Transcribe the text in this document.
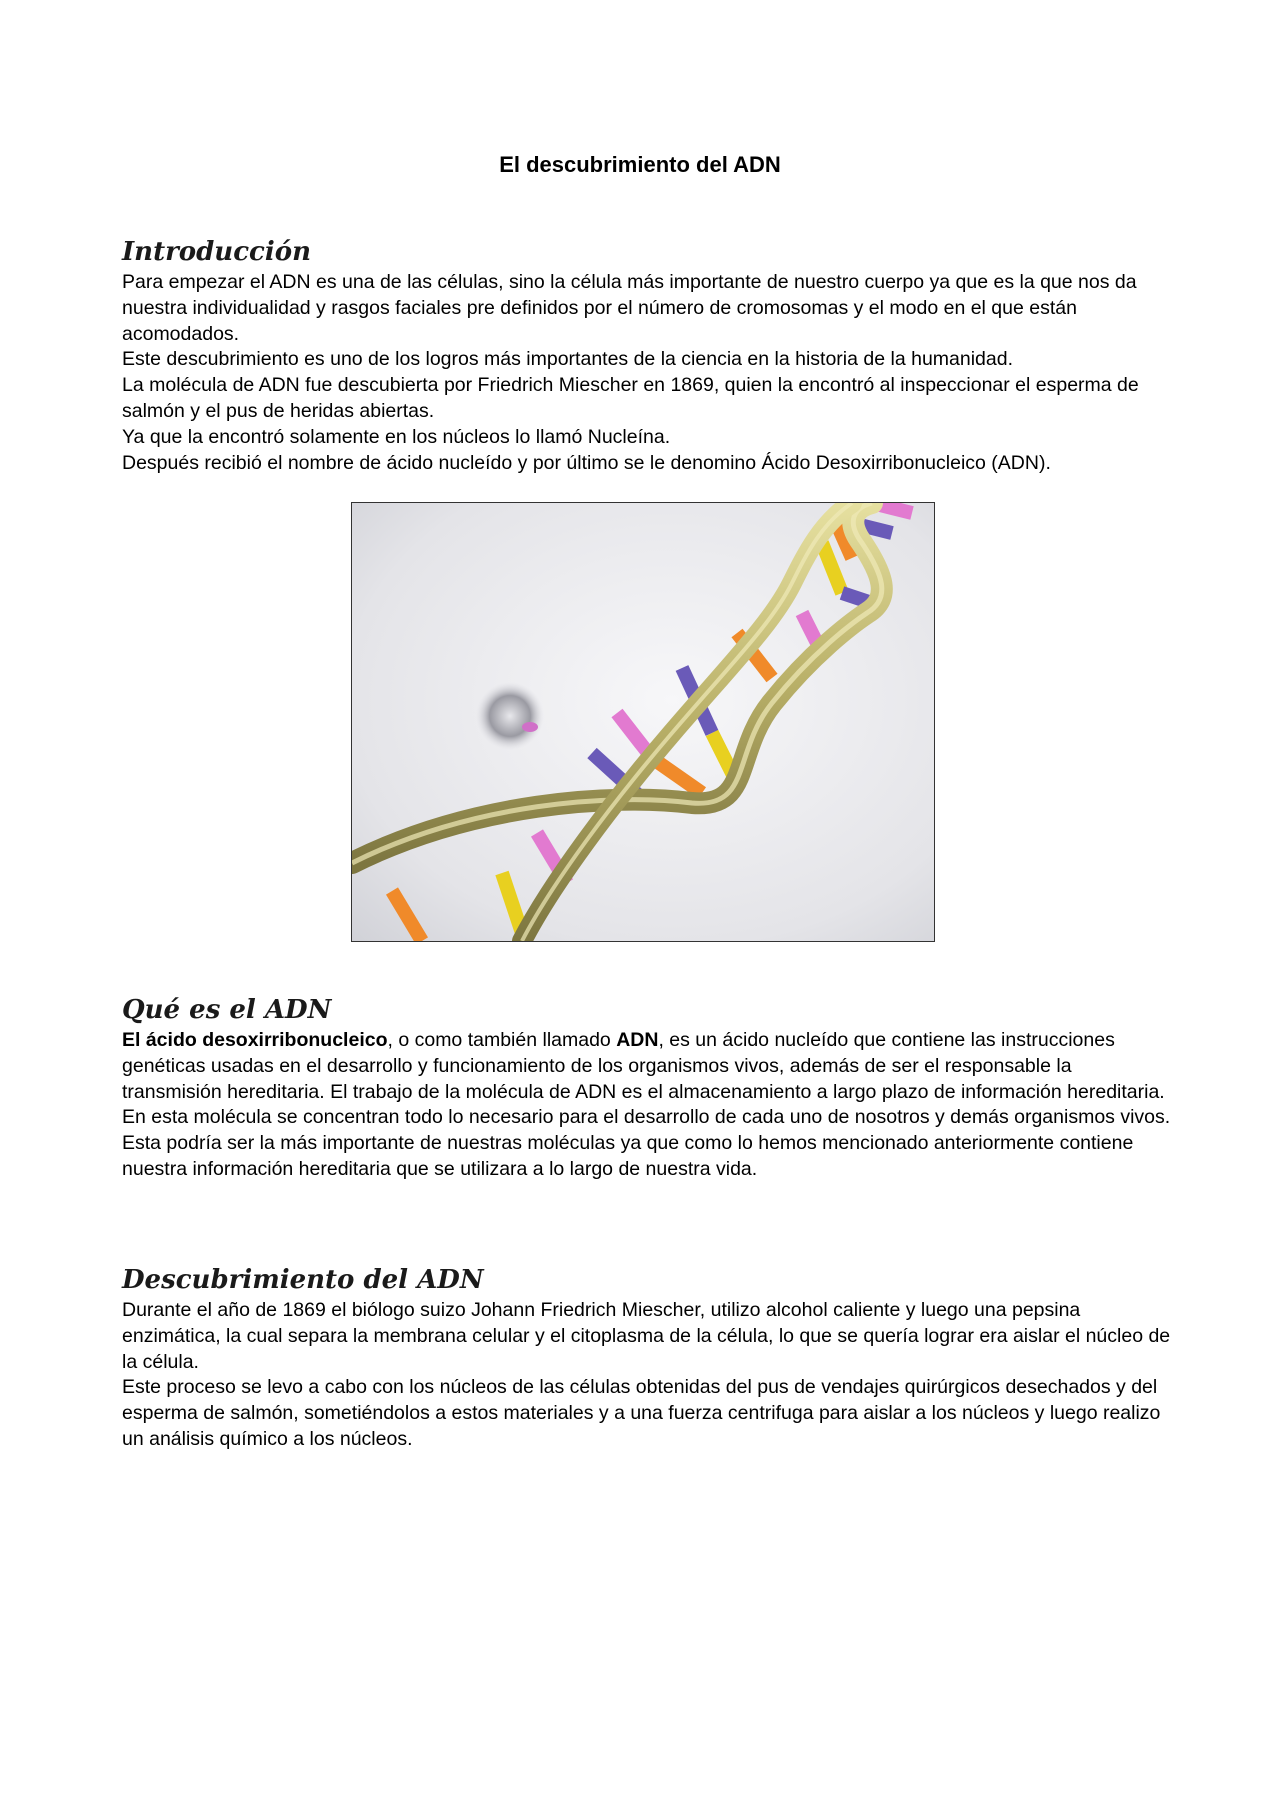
El descubrimiento del ADN
Introducción

Para empezar el ADN es una de las células, sino la célula más importante de nuestro cuerpo ya que es la que nos da nuestra individualidad y rasgos faciales pre definidos por el número de cromosomas y el modo en el que están acomodados.

Este descubrimiento es uno de los logros más importantes de la ciencia en la historia de la humanidad.

La molécula de ADN fue descubierta por Friedrich Miescher en 1869, quien la encontró al inspeccionar el esperma de salmón y el pus de heridas abiertas.

Ya que la encontró solamente en los núcleos lo llamó Nucleína.

Después recibió el nombre de ácido nucleído y por último se le denomino Ácido Desoxirribonucleico (ADN).

Qué es el ADN

El ácido desoxirribonucleico, o como también llamado ADN, es un ácido nucleído que contiene las instrucciones genéticas usadas en el desarrollo y funcionamiento de los organismos vivos, además de ser el responsable la transmisión hereditaria. El trabajo de la molécula de ADN es el almacenamiento a largo plazo de información hereditaria.

En esta molécula se concentran todo lo necesario para el desarrollo de cada uno de nosotros y demás organismos vivos.

Esta podría ser la más importante de nuestras moléculas ya que como lo hemos mencionado anteriormente contiene nuestra información hereditaria que se utilizara a lo largo de nuestra vida.

Descubrimiento del ADN

Durante el año de 1869 el biólogo suizo Johann Friedrich Miescher, utilizo alcohol caliente y luego una pepsina enzimática, la cual separa la membrana celular y el citoplasma de la célula, lo que se quería lograr era aislar el núcleo de la célula.

Este proceso se levo a cabo con los núcleos de las células obtenidas del pus de vendajes quirúrgicos desechados y del esperma de salmón, sometiéndolos a estos materiales y a una fuerza centrifuga para aislar a los núcleos y luego realizo un análisis químico a los núcleos.
